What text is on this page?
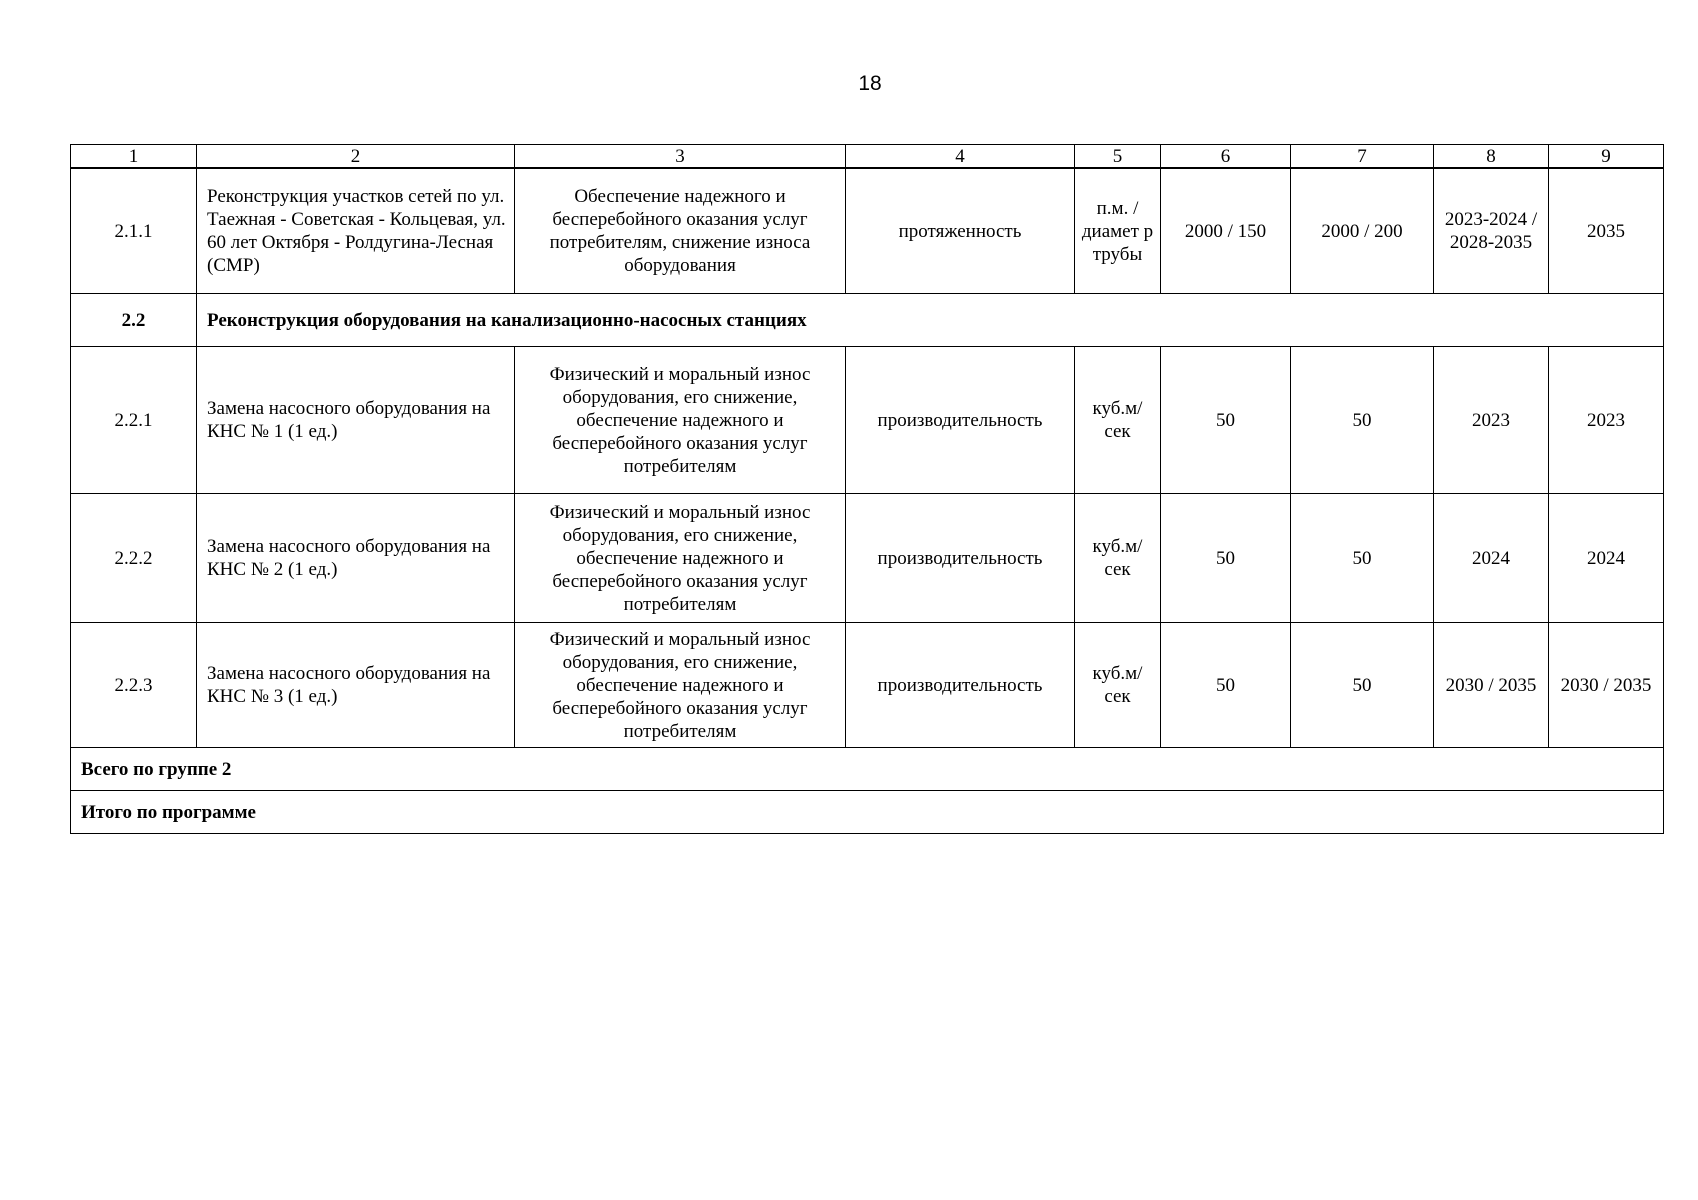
18
1	2	3	4	5	6	7	8	9
2.1.1	Реконструкция участков сетей по ул. Таежная - Советская - Кольцевая, ул. 60 лет Октября - Ролдугина-Лесная (СМР)	Обеспечение надежного и бесперебойного оказания услуг потребителям, снижение износа оборудования	протяженность	п.м. / диамет р трубы	2000 / 150	2000 / 200	2023-2024 / 2028-2035	2035
2.2	Реконструкция оборудования на канализационно-насосных станциях							
2.2.1	Замена насосного оборудования на КНС № 1 (1 ед.)	Физический и моральный износ оборудования, его снижение, обеспечение надежного и бесперебойного оказания услуг потребителям	производительность	куб.м/ сек	50	50	2023	2023
2.2.2	Замена насосного оборудования на КНС № 2 (1 ед.)	Физический и моральный износ оборудования, его снижение, обеспечение надежного и бесперебойного оказания услуг потребителям	производительность	куб.м/ сек	50	50	2024	2024
2.2.3	Замена насосного оборудования на КНС № 3 (1 ед.)	Физический и моральный износ оборудования, его снижение, обеспечение надежного и бесперебойного оказания услуг потребителям	производительность	куб.м/ сек	50	50	2030 / 2035	2030 / 2035
Всего по группе 2								
Итого по программе								
